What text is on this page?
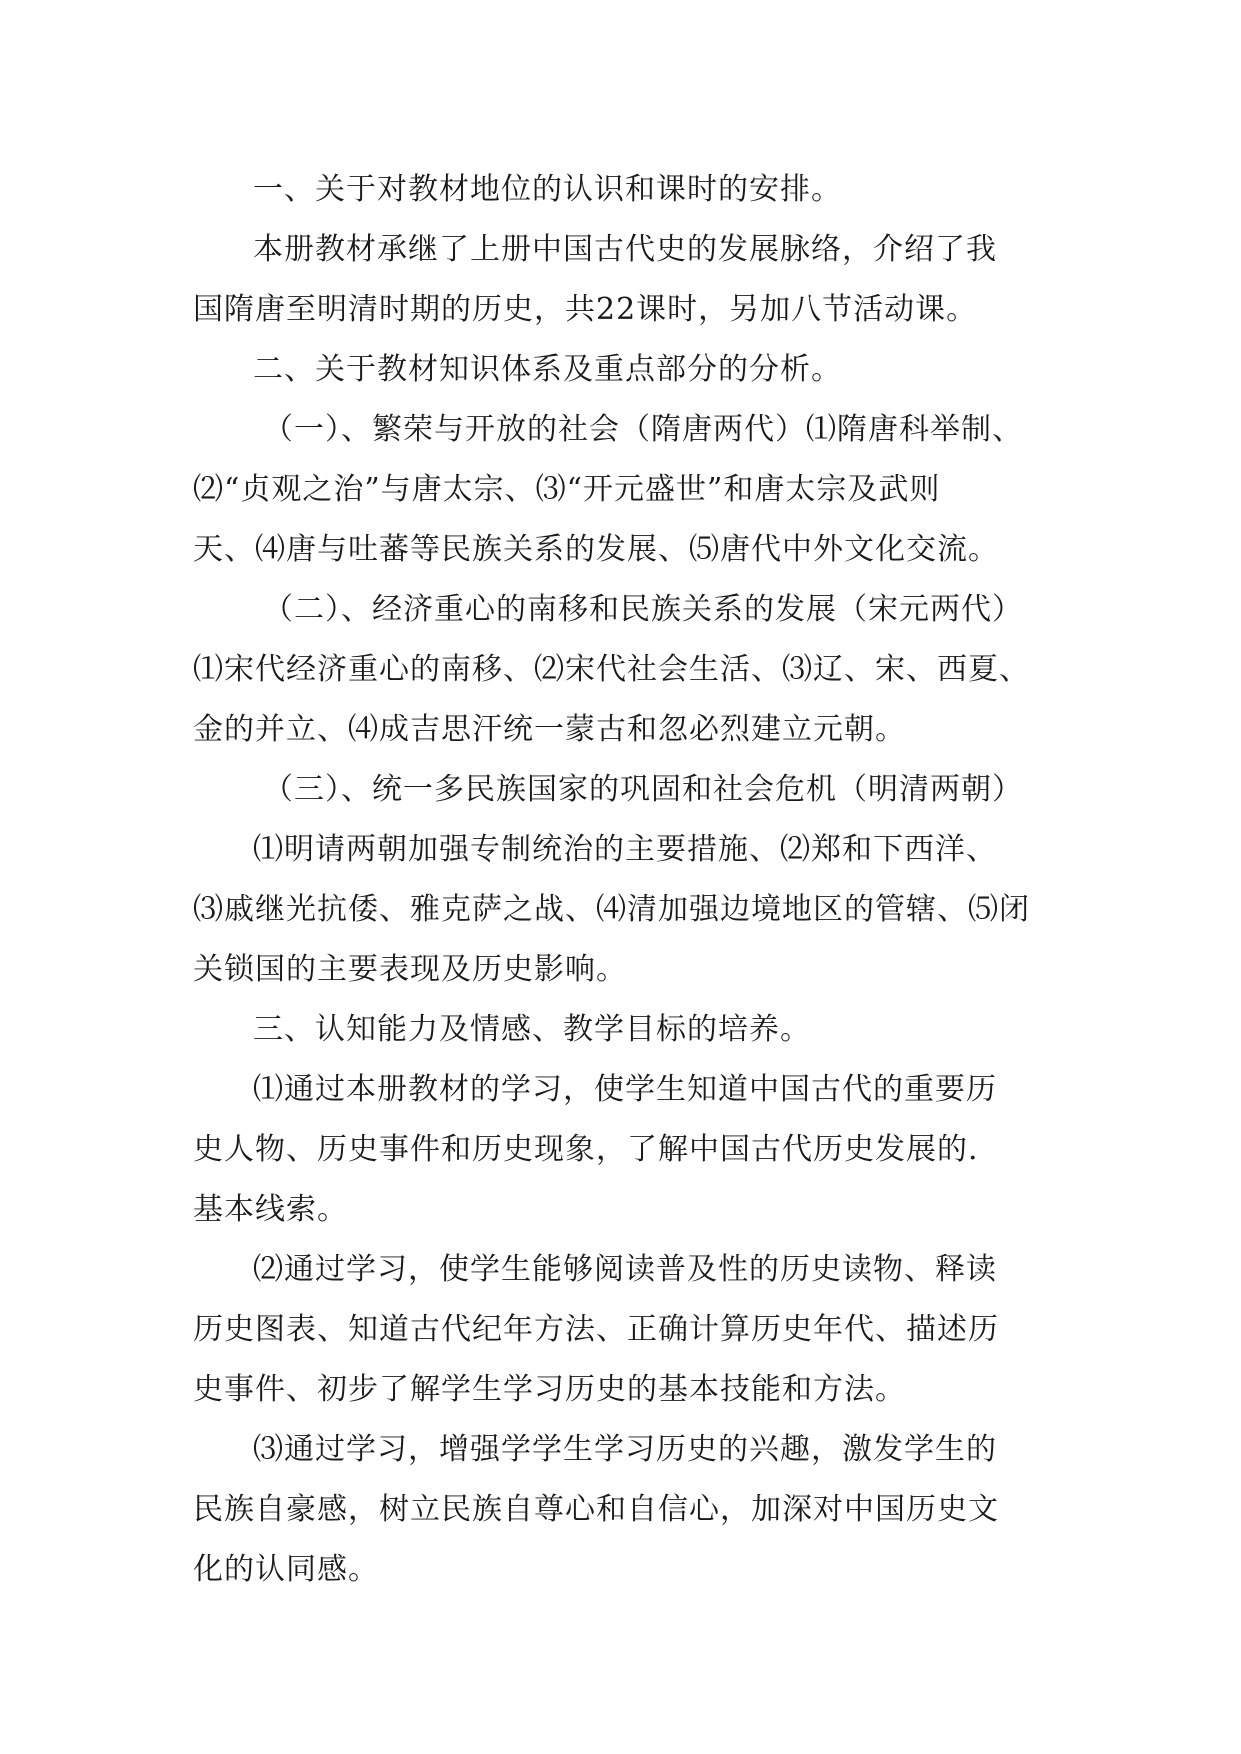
一、关于对教材地位的认识和课时的安排。

本册教材承继了上册中国古代史的发展脉络，介绍了我

国隋唐至明清时期的历史，共22课时，另加八节活动课。

二、关于教材知识体系及重点部分的分析。

（一）、繁荣与开放的社会（隋唐两代）⑴隋唐科举制、

⑵“贞观之治”与唐太宗、⑶“开元盛世”和唐太宗及武则

天、⑷唐与吐蕃等民族关系的发展、⑸唐代中外文化交流。

（二）、经济重心的南移和民族关系的发展（宋元两代）

⑴宋代经济重心的南移、⑵宋代社会生活、⑶辽、宋、西夏、

金的并立、⑷成吉思汗统一蒙古和忽必烈建立元朝。

（三）、统一多民族国家的巩固和社会危机（明清两朝）

⑴明请两朝加强专制统治的主要措施、⑵郑和下西洋、

⑶戚继光抗倭、雅克萨之战、⑷清加强边境地区的管辖、⑸闭

关锁国的主要表现及历史影响。

三、认知能力及情感、教学目标的培养。

⑴通过本册教材的学习，使学生知道中国古代的重要历

史人物、历史事件和历史现象，了解中国古代历史发展的.

基本线索。

⑵通过学习，使学生能够阅读普及性的历史读物、释读

历史图表、知道古代纪年方法、正确计算历史年代、描述历

史事件、初步了解学生学习历史的基本技能和方法。

⑶通过学习，增强学学生学习历史的兴趣，激发学生的

民族自豪感，树立民族自尊心和自信心，加深对中国历史文

化的认同感。
